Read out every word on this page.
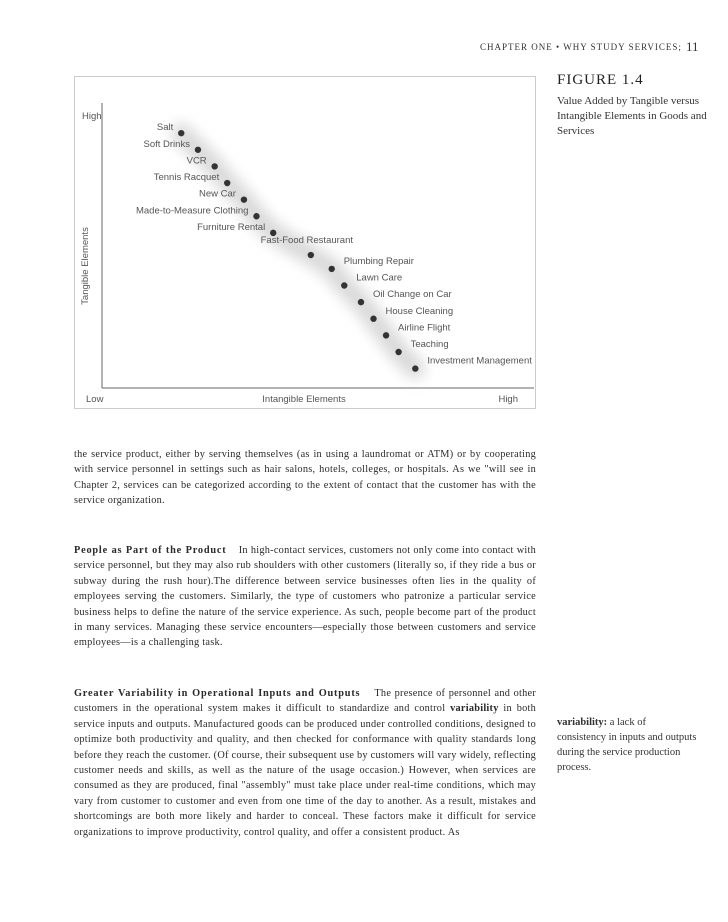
CHAPTER ONE • WHY STUDY SERVICES; 11
Salt
Soft Drinks
VCR
Tennis Racquet
New Car
Made-to-Measure Clothing
Furniture Rental
Fast-Food Restaurant
Plumbing Repair
Lawn Care
Oil Change on Car
House Cleaning
Airline Flight
Teaching
Investment Management
High
Tangible Elements
Low	Intangible Elements	High
FIGURE 1.4
Value Added by Tangible versus Intangible Elements in Goods and Services

the service product, either by serving themselves (as in using a laundromat or ATM) or by cooperating with service personnel in settings such as hair salons, hotels, colleges, or hospitals. As we "will see in Chapter 2, services can be categorized according to the extent of contact that the customer has with the service organization.

People as Part of the Product In high-contact services, customers not only come into contact with service personnel, but they may also rub shoulders with other customers (literally so, if they ride a bus or subway during the rush hour).The difference between service businesses often lies in the quality of employees serving the customers. Similarly, the type of customers who patronize a particular service business helps to define the nature of the service experience. As such, people become part of the product in many services. Managing these service encounters—especially those between customers and service employees—is a challenging task.

Greater Variability in Operational Inputs and Outputs The presence of personnel and other customers in the operational system makes it difficult to standardize and control variability in both service inputs and outputs. Manufactured goods can be produced under controlled conditions, designed to optimize both productivity and quality, and then checked for conformance with quality standards long before they reach the customer. (Of course, their subsequent use by customers will vary widely, reflecting customer needs and skills, as well as the nature of the usage occasion.) However, when services are consumed as they are produced, final "assembly" must take place under real-time conditions, which may vary from customer to customer and even from one time of the day to another. As a result, mistakes and shortcomings are both more likely and harder to conceal. These factors make it difficult for service organizations to improve productivity, control quality, and offer a consistent product. As

variability: a lack of consistency in inputs and outputs during the service production process.
